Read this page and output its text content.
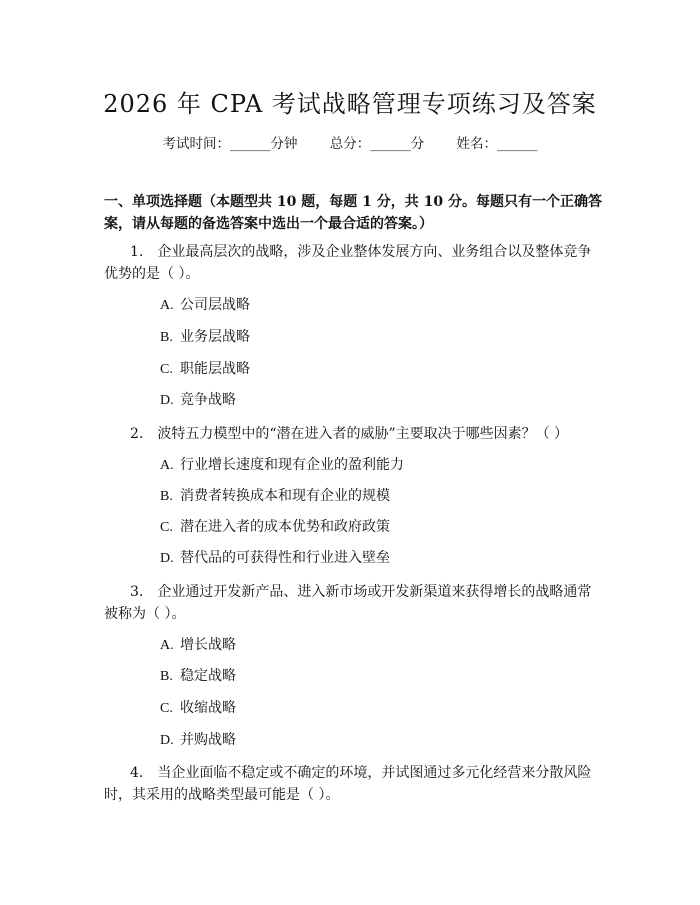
2026 年 CPA 考试战略管理专项练习及答案
考试时间：______分钟 总分：______分 姓名：______
一、单项选择题（本题型共 10 题，每题 1 分，共 10 分。每题只有一个正确答案，请从每题的备选答案中选出一个最合适的答案。）
1.　企业最高层次的战略，涉及企业整体发展方向、业务组合以及整体竞争优势的是（ ）。
A. 公司层战略
B. 业务层战略
C. 职能层战略
D. 竞争战略
2.　波特五力模型中的“潜在进入者的威胁”主要取决于哪些因素？（ ）
A. 行业增长速度和现有企业的盈利能力
B. 消费者转换成本和现有企业的规模
C. 潜在进入者的成本优势和政府政策
D. 替代品的可获得性和行业进入壁垒
3.　企业通过开发新产品、进入新市场或开发新渠道来获得增长的战略通常被称为（ ）。
A. 增长战略
B. 稳定战略
C. 收缩战略
D. 并购战略
4.　当企业面临不稳定或不确定的环境，并试图通过多元化经营来分散风险时，其采用的战略类型最可能是（ ）。
